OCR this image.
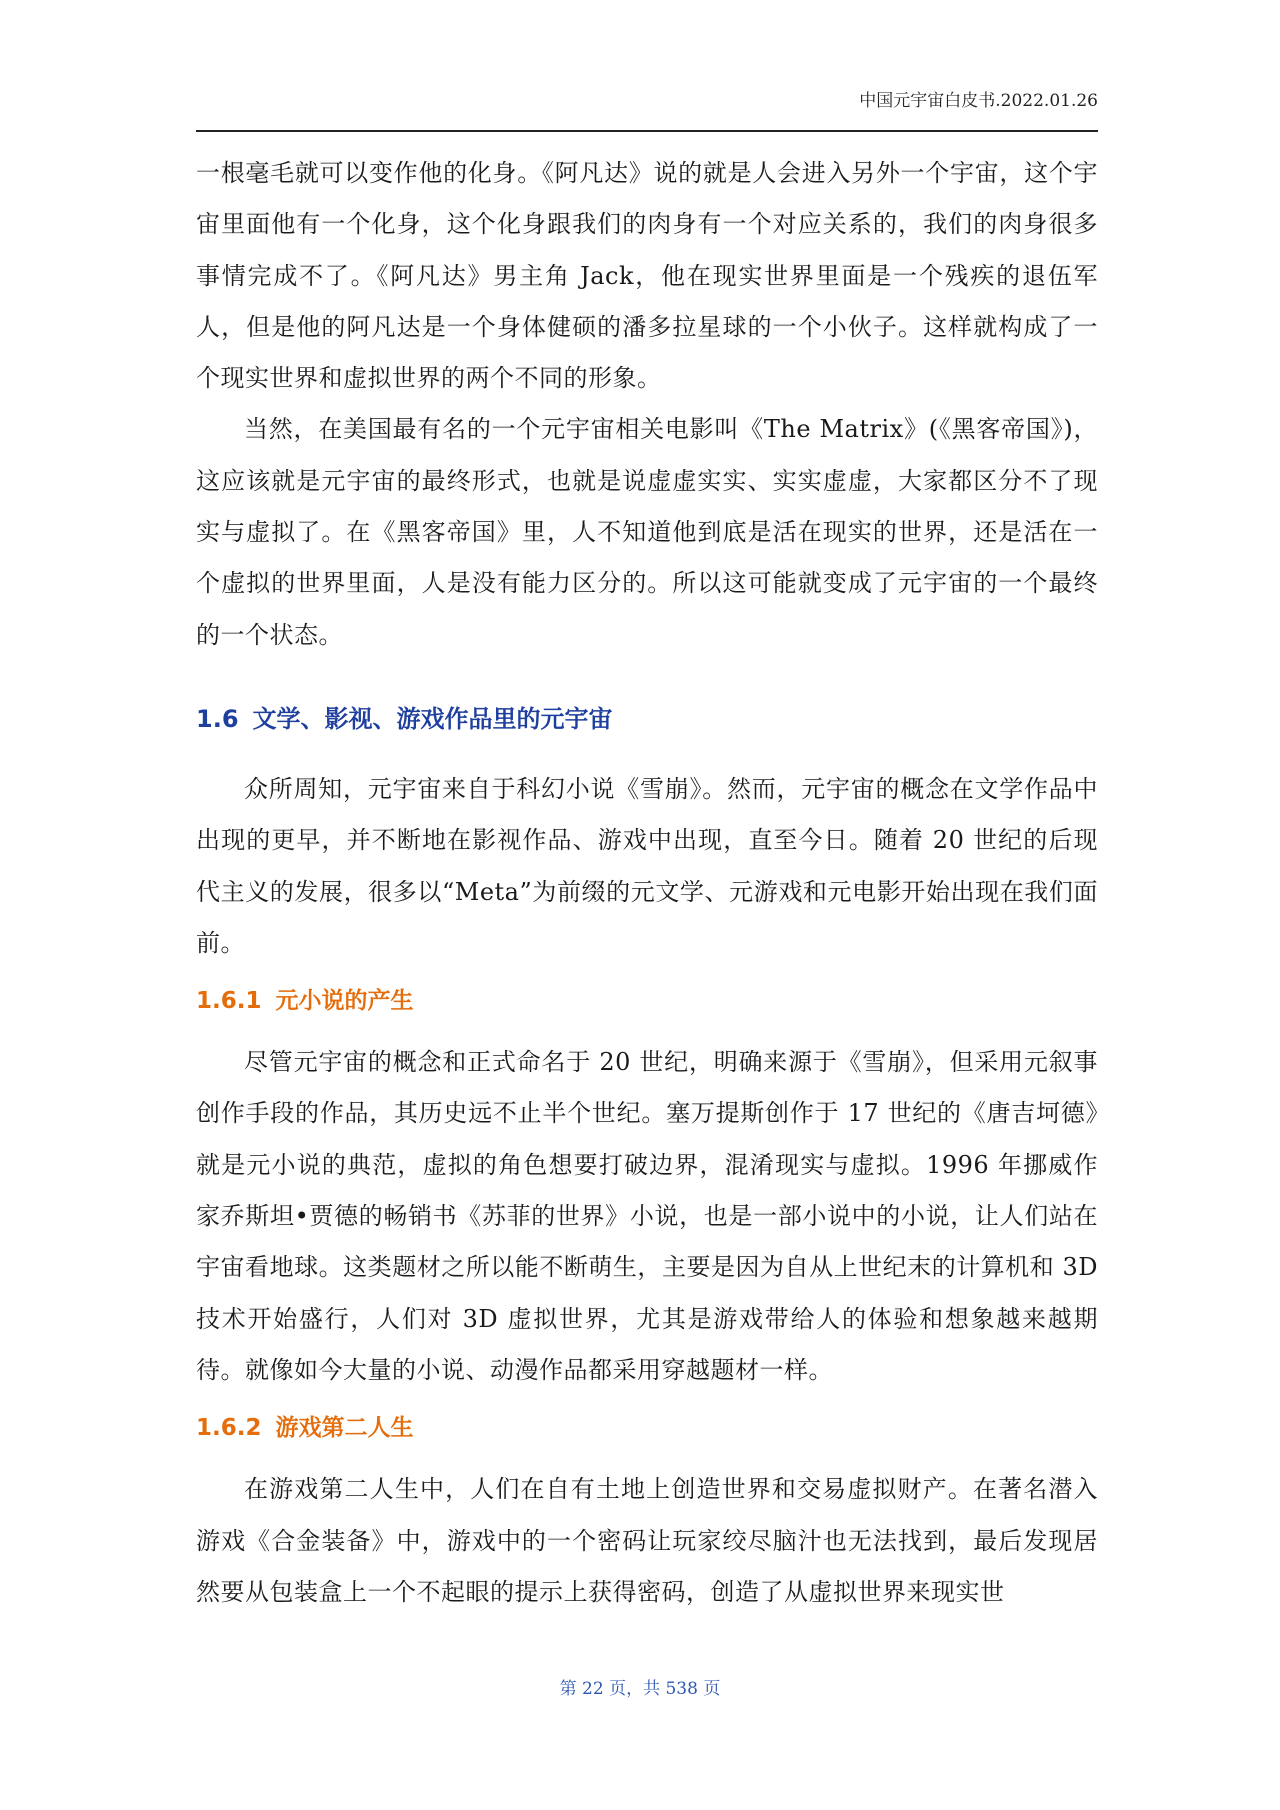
中国元宇宙白皮书.2022.01.26

一根毫毛就可以变作他的化身。《阿凡达》说的就是人会进入另外一个宇宙，这个宇宙里面他有一个化身，这个化身跟我们的肉身有一个对应关系的，我们的肉身很多事情完成不了。《阿凡达》男主角 Jack，他在现实世界里面是一个残疾的退伍军人，但是他的阿凡达是一个身体健硕的潘多拉星球的一个小伙子。这样就构成了一个现实世界和虚拟世界的两个不同的形象。

当然，在美国最有名的一个元宇宙相关电影叫《The Matrix》(《黑客帝国》)，这应该就是元宇宙的最终形式，也就是说虚虚实实、实实虚虚，大家都区分不了现实与虚拟了。在《黑客帝国》里，人不知道他到底是活在现实的世界，还是活在一个虚拟的世界里面，人是没有能力区分的。所以这可能就变成了元宇宙的一个最终的一个状态。

1.6 文学、影视、游戏作品里的元宇宙

众所周知，元宇宙来自于科幻小说《雪崩》。然而，元宇宙的概念在文学作品中出现的更早，并不断地在影视作品、游戏中出现，直至今日。随着 20 世纪的后现代主义的发展，很多以“Meta”为前缀的元文学、元游戏和元电影开始出现在我们面前。

1.6.1 元小说的产生

尽管元宇宙的概念和正式命名于 20 世纪，明确来源于《雪崩》，但采用元叙事创作手段的作品，其历史远不止半个世纪。塞万提斯创作于 17 世纪的《唐吉坷德》就是元小说的典范，虚拟的角色想要打破边界，混淆现实与虚拟。1996 年挪威作家乔斯坦•贾德的畅销书《苏菲的世界》小说，也是一部小说中的小说，让人们站在宇宙看地球。这类题材之所以能不断萌生，主要是因为自从上世纪末的计算机和 3D 技术开始盛行，人们对 3D 虚拟世界，尤其是游戏带给人的体验和想象越来越期待。就像如今大量的小说、动漫作品都采用穿越题材一样。

1.6.2 游戏第二人生

在游戏第二人生中，人们在自有土地上创造世界和交易虚拟财产。在著名潜入游戏《合金装备》中，游戏中的一个密码让玩家绞尽脑汁也无法找到，最后发现居然要从包装盒上一个不起眼的提示上获得密码，创造了从虚拟世界来现实世

第 22 页，共 538 页
